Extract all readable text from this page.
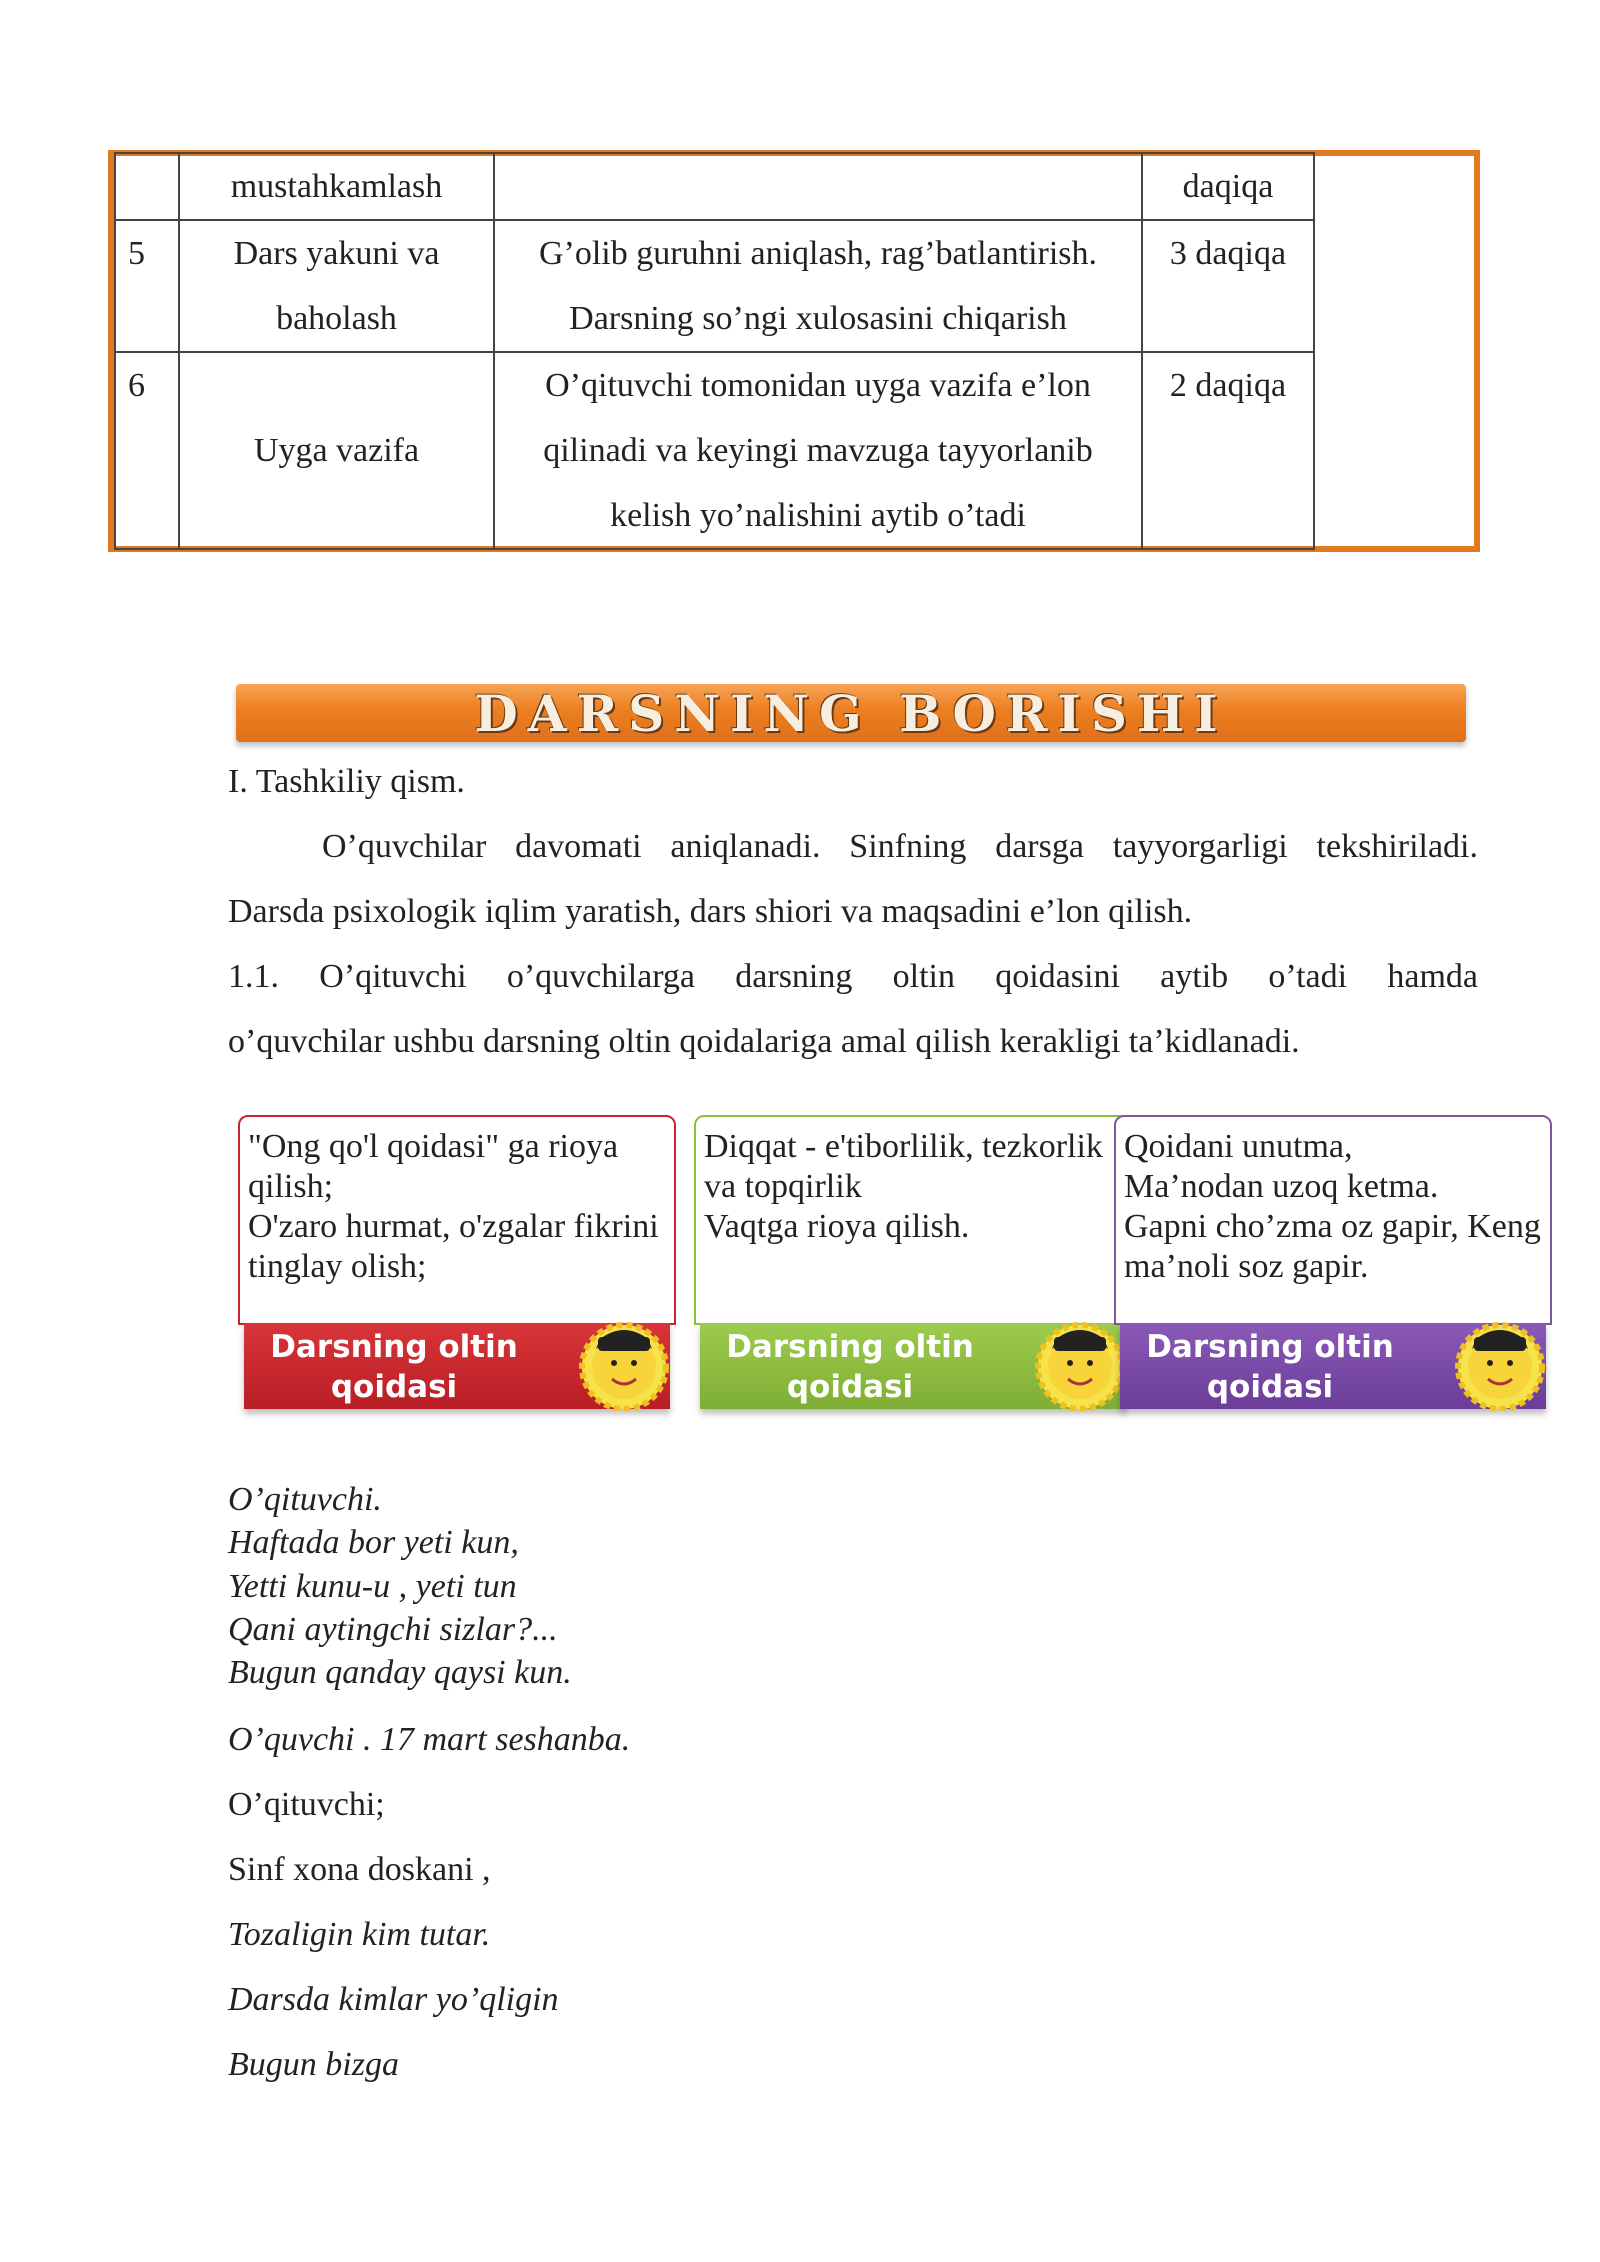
	mustahkamlash		daqiqa
5	Dars yakuni va baholash	G’olib guruhni aniqlash, rag’batlantirish. Darsning so’ngi xulosasini chiqarish	3 daqiqa
6	Uyga vazifa	O’qituvchi tomonidan uyga vazifa e’lon qilinadi va keyingi mavzuga tayyorlanib kelish yo’nalishini aytib o’tadi	2 daqiqa
DARSNING BORISHI
I. Tashkiliy qism.
O’quvchilar davomati aniqlanadi. Sinfning darsga tayyorgarligi tekshiriladi.
Darsda psixologik iqlim yaratish, dars shiori va maqsadini e’lon qilish.
1.1. O’qituvchi o’quvchilarga darsning oltin qoidasini aytib o’tadi hamda
o’quvchilar ushbu darsning oltin qoidalariga amal qilish kerakligi ta’kidlanadi.
"Ong qo'l qoidasi" ga rioya qilish;
O'zaro hurmat, o'zgalar fikrini tinglay olish;
Darsning oltin
qoidasi
Diqqat - e'tiborlilik, tezkorlik va topqirlik
Vaqtga rioya qilish.
Darsning oltin
qoidasi
Qoidani unutma,
Ma’nodan uzoq ketma.
Gapni cho’zma oz gapir, Keng ma’noli soz gapir.
Darsning oltin
qoidasi
O’qituvchi.
Haftada bor yeti kun,
Yetti kunu-u , yeti tun
Qani aytingchi sizlar?...
Bugun qanday qaysi kun.
O’quvchi . 17 mart seshanba.
O’qituvchi;
Sinf xona doskani ,
Tozaligin kim tutar.
Darsda kimlar yo’qligin
Bugun bizga
